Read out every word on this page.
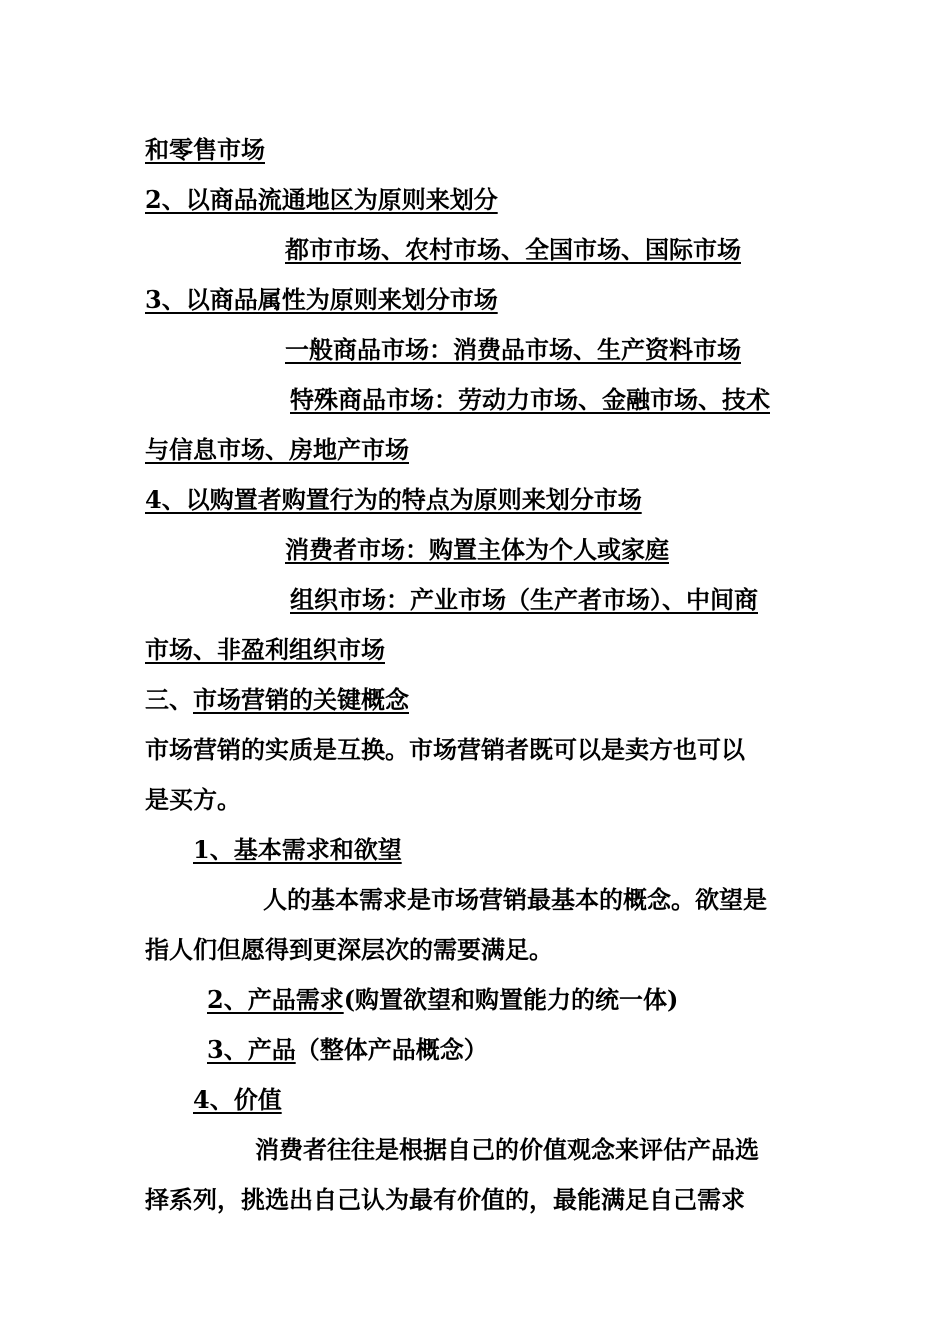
和零售市场
2、以商品流通地区为原则来划分
都市市场、农村市场、全国市场、国际市场
3、以商品属性为原则来划分市场
一般商品市场：消费品市场、生产资料市场
特殊商品市场：劳动力市场、金融市场、技术
与信息市场、房地产市场
4、以购置者购置行为的特点为原则来划分市场
消费者市场：购置主体为个人或家庭
组织市场：产业市场（生产者市场）、中间商
市场、非盈利组织市场
三、市场营销的关键概念
市场营销的实质是互换。市场营销者既可以是卖方也可以
是买方。
1、基本需求和欲望
人的基本需求是市场营销最基本的概念。欲望是
指人们但愿得到更深层次的需要满足。
2、产品需求(购置欲望和购置能力的统一体)
3、产品（整体产品概念）
4、价值
消费者往往是根据自己的价值观念来评估产品选
择系列，挑选出自己认为最有价值的，最能满足自己需求
